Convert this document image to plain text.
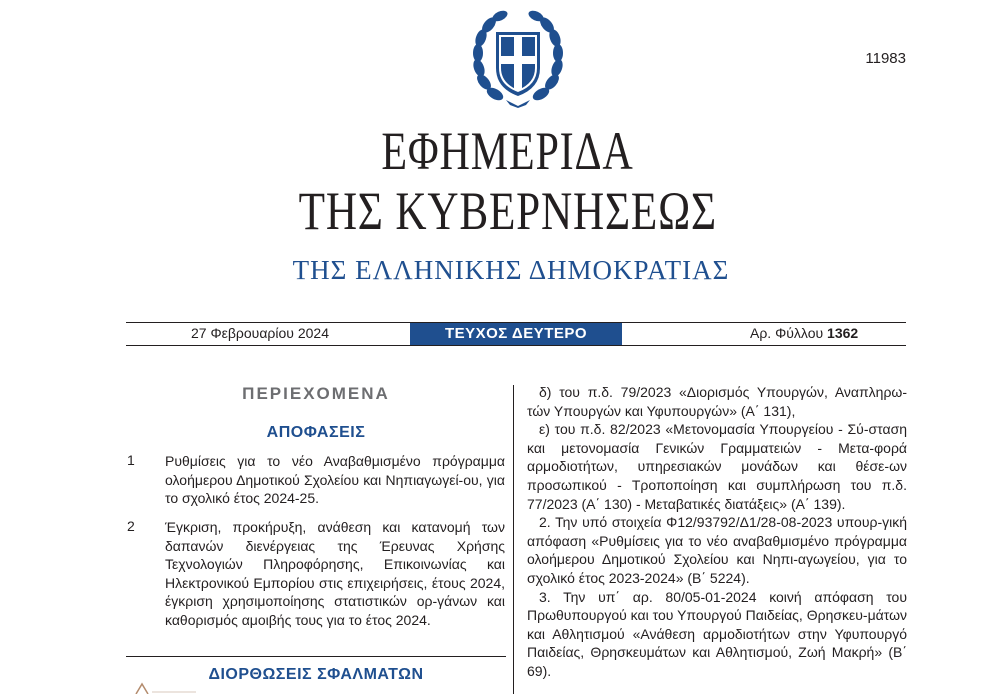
11983
ΕΦΗΜΕΡΙΔΑ
ΤΗΣ ΚΥΒΕΡΝΗΣΕΩΣ
ΤΗΣ ΕΛΛΗΝΙΚΗΣ ΔΗΜΟΚΡΑΤΙΑΣ
27 Φεβρουαρίου 2024	ΤΕΥΧΟΣ ΔΕΥΤΕΡΟ	Αρ. Φύλλου 1362
ΠΕΡΙΕΧΟΜΕΝΑ
ΑΠΟΦΑΣΕΙΣ
1 Ρυθμίσεις για το νέο Αναβαθμισμένο πρόγραμμα ολοήμερου Δημοτικού Σχολείου και Νηπιαγωγεί-ου, για το σχολικό έτος 2024-25.
2 Έγκριση, προκήρυξη, ανάθεση και κατανομή των δαπανών διενέργειας της Έρευνας Χρήσης Τεχνολογιών Πληροφόρησης, Επικοινωνίας και Ηλεκτρονικού Εμπορίου στις επιχειρήσεις, έτους 2024, έγκριση χρησιμοποίησης στατιστικών ορ-γάνων και καθορισμός αμοιβής τους για το έτος 2024.
ΔΙΟΡΘΩΣΕΙΣ ΣΦΑΛΜΑΤΩΝ

δ) του π.δ. 79/2023 «Διορισμός Υπουργών, Αναπληρω-τών Υπουργών και Υφυπουργών» (Α΄ 131),

ε) του π.δ. 82/2023 «Μετονομασία Υπουργείου - Σύ-σταση και μετονομασία Γενικών Γραμματειών - Μετα-φορά αρμοδιοτήτων, υπηρεσιακών μονάδων και θέσε-ων προσωπικού - Τροποποίηση και συμπλήρωση του π.δ. 77/2023 (Α΄ 130) - Μεταβατικές διατάξεις» (Α΄ 139).

2. Την υπό στοιχεία Φ12/93792/Δ1/28-08-2023 υπουρ-γική απόφαση «Ρυθμίσεις για το νέο αναβαθμισμένο πρόγραμμα ολοήμερου Δημοτικού Σχολείου και Νηπι-αγωγείου, για το σχολικό έτος 2023-2024» (Β΄ 5224).

3. Την υπ΄ αρ. 80/05-01-2024 κοινή απόφαση του Πρωθυπουργού και του Υπουργού Παιδείας, Θρησκευ-μάτων και Αθλητισμού «Ανάθεση αρμοδιοτήτων στην Υφυπουργό Παιδείας, Θρησκευμάτων και Αθλητισμού, Ζωή Μακρή» (Β΄ 69).
